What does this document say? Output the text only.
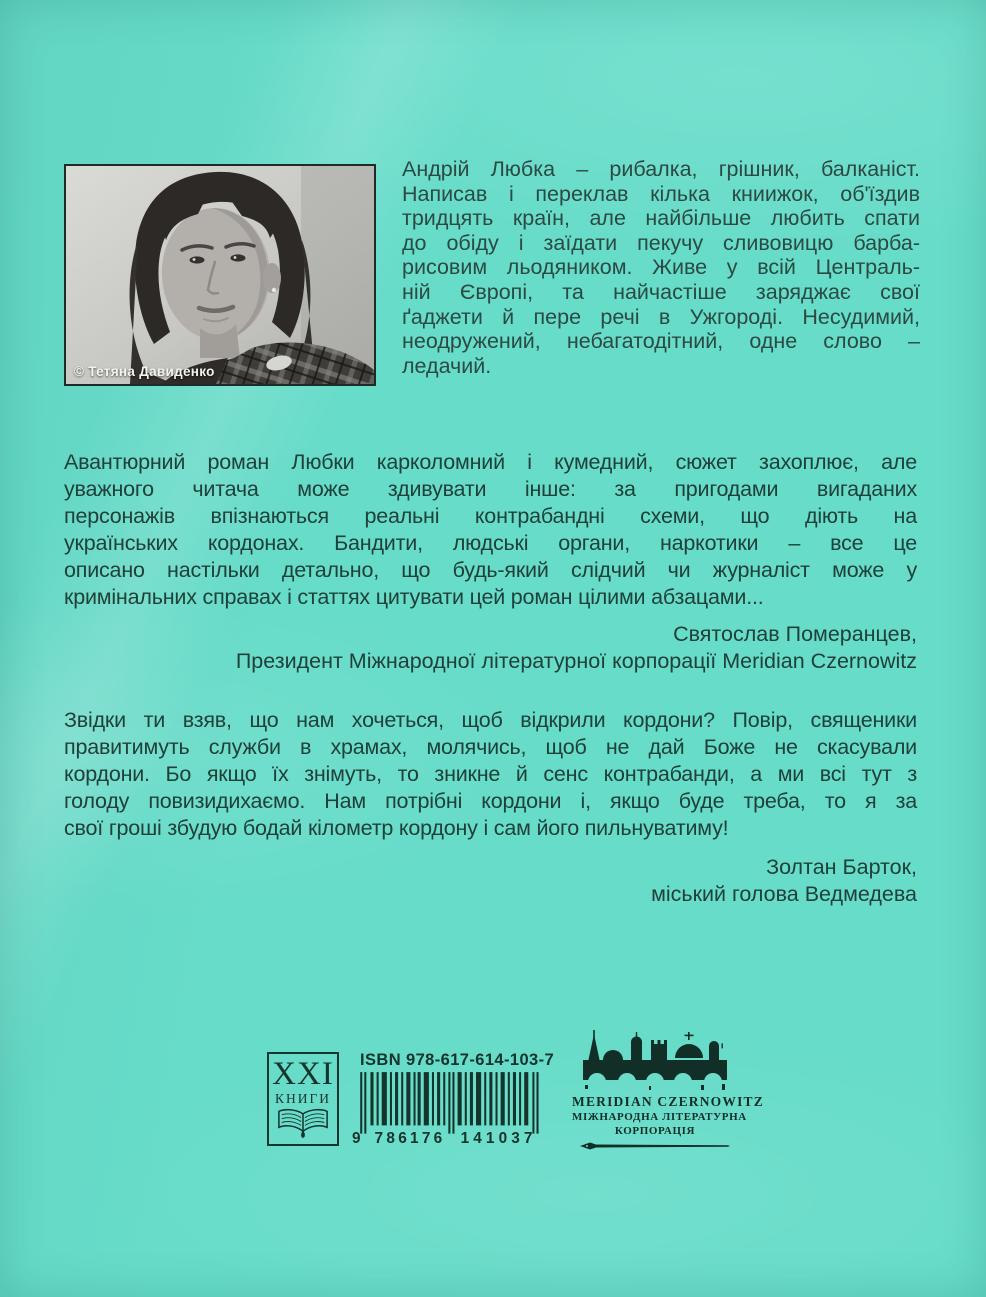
© Тетяна Давиденко
Андрій Любка – рибалка, грішник, балканіст.
Написав і переклав кілька книижок, об'їздив
тридцять країн, але найбільше любить спати
до обіду і заїдати пекучу сливовицю барба-
рисовим льодяником. Живе у всій Централь-
ній Європі, та найчастіше заряджає свої
ґаджети й пере речі в Ужгороді. Несудимий,
неодружений, небагатодітний, одне слово –
ледачий.
Авантюрний роман Любки карколомний і кумедний, сюжет захоплює, але
уважного читача може здивувати інше: за пригодами вигаданих
персонажів впізнаються реальні контрабандні схеми, що діють на
українських кордонах. Бандити, людські органи, наркотики – все це
описано настільки детально, що будь-який слідчий чи журналіст може у
кримінальних справах і статтях цитувати цей роман цілими абзацами...
Святослав Померанцев,
Президент Міжнародної літературної корпорації Meridian Czernowitz
Звідки ти взяв, що нам хочеться, щоб відкрили кордони? Повір, священики
правитимуть служби в храмах, молячись, щоб не дай Боже не скасували
кордони. Бо якщо їх знімуть, то зникне й сенс контрабанди, а ми всі тут з
голоду повизидихаємо. Нам потрібні кордони і, якщо буде треба, то я за
свої гроші збудую бодай кілометр кордону і сам його пильнуватиму!
Золтан Барток,
міський голова Ведмедева
XXI
КНИГИ
ISBN 978-617-614-103-7
9 786176 141037
MERIDIAN CZERNOWITZ
МІЖНАРОДНА ЛІТЕРАТУРНА
КОРПОРАЦІЯ
